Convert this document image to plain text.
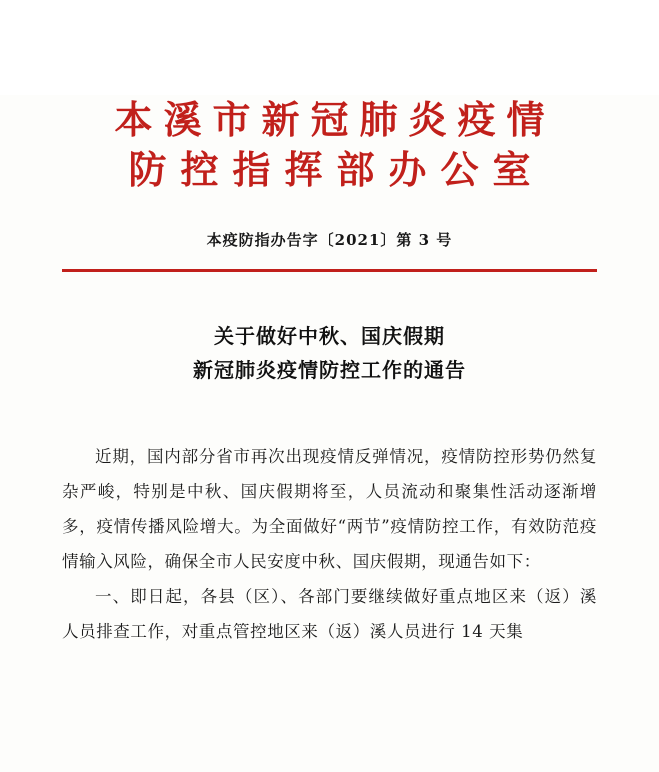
本溪市新冠肺炎疫情
防控指挥部办公室
本疫防指办告字〔2021〕第 3 号
关于做好中秋、国庆假期
新冠肺炎疫情防控工作的通告

近期，国内部分省市再次出现疫情反弹情况，疫情防控形势仍然复杂严峻，特别是中秋、国庆假期将至，人员流动和聚集性活动逐渐增多，疫情传播风险增大。为全面做好“两节”疫情防控工作，有效防范疫情输入风险，确保全市人民安度中秋、国庆假期，现通告如下：

一、即日起，各县（区）、各部门要继续做好重点地区来（返）溪人员排查工作，对重点管控地区来（返）溪人员进行 14 天集
